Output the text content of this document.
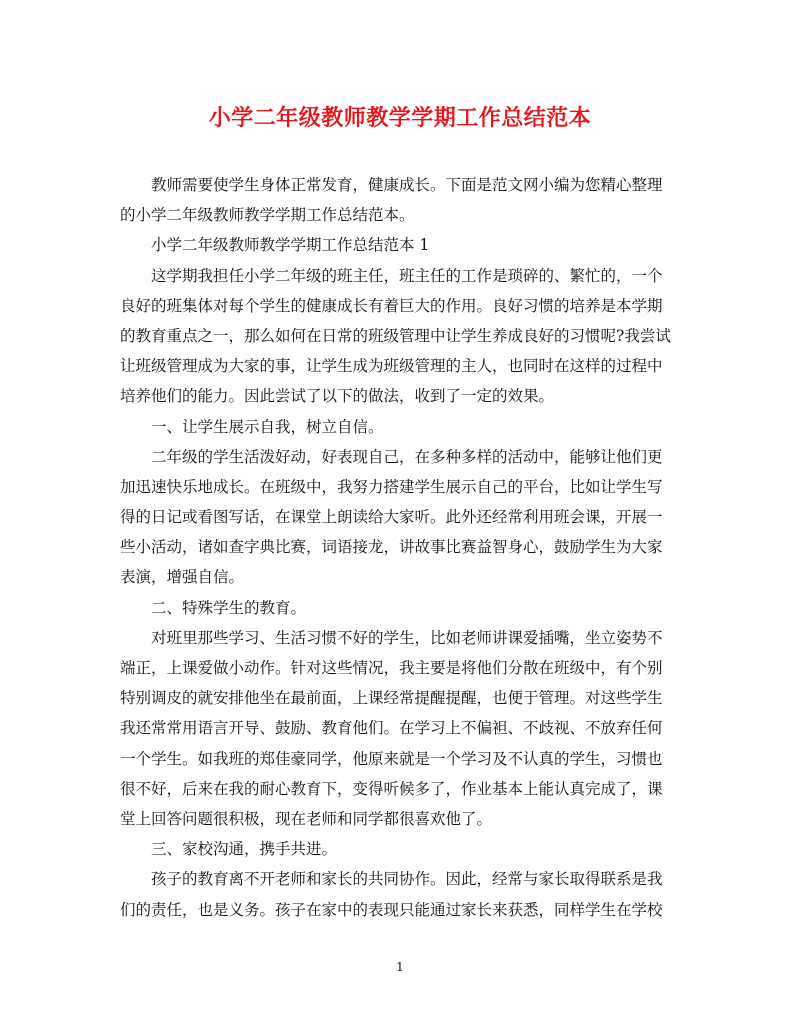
小学二年级教师教学学期工作总结范本
教师需要使学生身体正常发育，健康成长。下面是范文网小编为您精心整理
的小学二年级教师教学学期工作总结范本。
小学二年级教师教学学期工作总结范本 1
这学期我担任小学二年级的班主任，班主任的工作是琐碎的、繁忙的，一个
良好的班集体对每个学生的健康成长有着巨大的作用。良好习惯的培养是本学期
的教育重点之一，那么如何在日常的班级管理中让学生养成良好的习惯呢?我尝试
让班级管理成为大家的事，让学生成为班级管理的主人，也同时在这样的过程中
培养他们的能力。因此尝试了以下的做法，收到了一定的效果。
一、让学生展示自我，树立自信。
二年级的学生活泼好动，好表现自己，在多种多样的活动中，能够让他们更
加迅速快乐地成长。在班级中，我努力搭建学生展示自己的平台，比如让学生写
得的日记或看图写话，在课堂上朗读给大家听。此外还经常利用班会课，开展一
些小活动，诸如查字典比赛，词语接龙，讲故事比赛益智身心，鼓励学生为大家
表演，增强自信。
二、特殊学生的教育。
对班里那些学习、生活习惯不好的学生，比如老师讲课爱插嘴，坐立姿势不
端正，上课爱做小动作。针对这些情况，我主要是将他们分散在班级中，有个别
特别调皮的就安排他坐在最前面，上课经常提醒提醒，也便于管理。对这些学生
我还常常用语言开导、鼓励、教育他们。在学习上不偏袒、不歧视、不放弃任何
一个学生。如我班的郑佳豪同学，他原来就是一个学习及不认真的学生，习惯也
很不好，后来在我的耐心教育下，变得听候多了，作业基本上能认真完成了，课
堂上回答问题很积极，现在老师和同学都很喜欢他了。
三、家校沟通，携手共进。
孩子的教育离不开老师和家长的共同协作。因此，经常与家长取得联系是我
们的责任，也是义务。孩子在家中的表现只能通过家长来获悉，同样学生在学校
1
